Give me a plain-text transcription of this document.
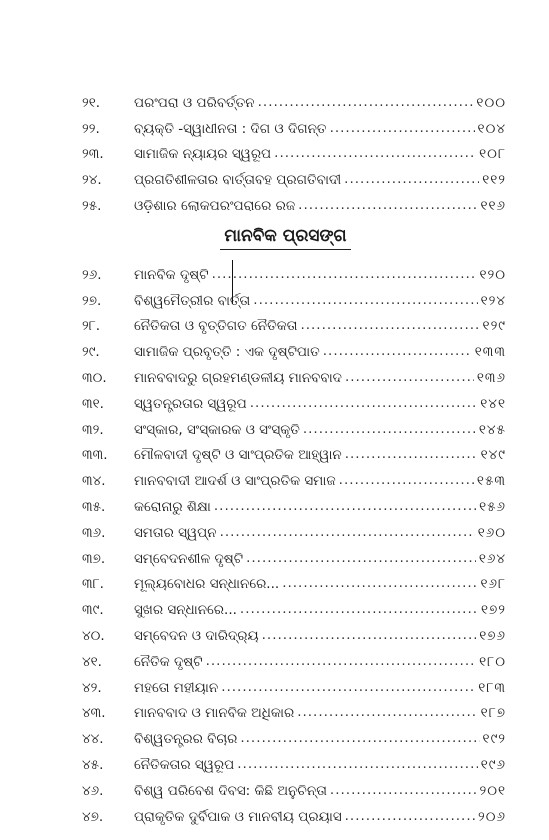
୨୧.	ପରଂପରା ଓ ପରିବର୍ତ୍ତନ .....	୧୦୦
୨୨.	ବ୍ୟକ୍ତି -ସ୍ୱାଧୀନତା : ଦିଗ ଓ ଦିଗନ୍ତ .....	୧୦୪
୨୩.	ସାମାଜିକ ନ୍ୟାୟର ସ୍ୱରୂପ .....	୧୦୮
୨୪.	ପ୍ରଗତିଶୀଳତାର ବାର୍ତ୍ତାବହ ପ୍ରଗତିବାଦୀ .....	୧୧୨
୨୫.	ଓଡ଼ିଶାର ଲୋକପରଂପରାରେ ରଜ .....	୧୧୬
ମାନବିକ ପ୍ରସଙ୍ଗ
୨୬.	ମାନବିକ ଦୃଷ୍ଟି .....	୧୨୦
୨୭.	ବିଶ୍ୱମୈତ୍ରୀର ବାର୍ତ୍ତା .....	୧୨୪
୨୮.	ନୈତିକତା ଓ ବୃତ୍ତିଗତ ନୈତିକତା .....	୧୨୯
୨୯.	ସାମାଜିକ ପ୍ରବୃତ୍ତି : ଏକ ଦୃଷ୍ଟିପାତ .....	୧୩୩
୩୦.	ମାନବବାଦରୁ ଗ୍ରହମଣ୍ଡଳୀୟ ମାନବବାଦ .....	୧୩୬
୩୧.	ସ୍ୱତନ୍ତ୍ରତାର ସ୍ୱରୂପ .....	୧୪୧
୩୨.	ସଂସ୍କାର, ସଂସ୍କାରକ ଓ ସଂସ୍କୃତି .....	୧୪୫
୩୩.	ମୌଳବାଦୀ ଦୃଷ୍ଟି ଓ ସାଂପ୍ରତିକ ଆହ୍ୱାନ .....	୧୪୯
୩୪.	ମାନବବାଦୀ ଆଦର୍ଶ ଓ ସାଂପ୍ରତିକ ସମାଜ .....	୧୫୩
୩୫.	କରୋନାରୁ ଶିକ୍ଷା .....	୧୫୬
୩୬.	ସମତାର ସ୍ୱପ୍ନ .....	୧୬୦
୩୭.	ସମ୍ବେଦନଶୀଳ ଦୃଷ୍ଟି .....	୧୬୪
୩୮.	ମୂଲ୍ୟବୋଧର ସନ୍ଧାନରେ... .....	୧୬୮
୩୯.	ସୁଖର ସନ୍ଧାନରେ... .....	୧୭୨
୪୦.	ସମ୍ବେଦନ ଓ ଦାରିଦ୍ର୍ୟ .....	୧୭୬
୪୧.	ନୈତିକ ଦୃଷ୍ଟି .....	୧୮୦
୪୨.	ମହତୋ ମହୀୟାନ .....	୧୮୩
୪୩.	ମାନବବାଦ ଓ ମାନବିକ ଅଧିକାର .....	୧୮୭
୪୪.	ବିଶ୍ୱତନ୍ତ୍ରର ବିଚାର .....	୧୯୨
୪୫.	ନୈତିକତାର ସ୍ୱରୂପ .....	୧୯୬
୪୬.	ବିଶ୍ୱ ପରିବେଶ ଦିବସ: କିଛି ଅନୁଚିନ୍ତା .....	୨୦୧
୪୭.	ପ୍ରାକୃତିକ ଦୁର୍ବିପାକ ଓ ମାନବୀୟ ପ୍ରୟାସ .....	୨୦୬
